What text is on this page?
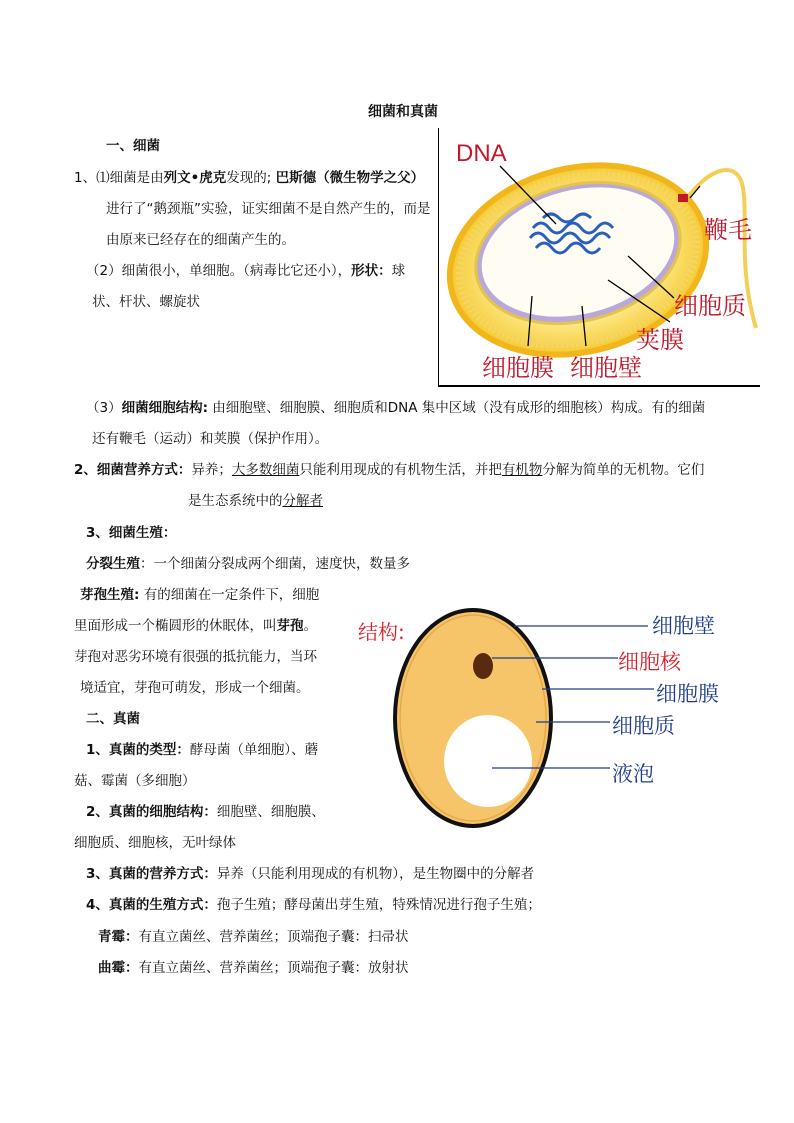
细菌和真菌
一、细菌
1、⑴细菌是由列文•虎克发现的; 巴斯德（微生物学之父）
进行了“鹅颈瓶”实验，证实细菌不是自然产生的，而是
由原来已经存在的细菌产生的。
（2）细菌很小，单细胞。（病毒比它还小），形状：球
状、杆状、螺旋状
DNA
鞭毛
细胞质
荚膜
细胞膜 细胞壁
（3）细菌细胞结构: 由细胞壁、细胞膜、细胞质和DNA 集中区域（没有成形的细胞核）构成。有的细菌
还有鞭毛（运动）和荚膜（保护作用）。
2、细菌营养方式：异养；大多数细菌只能利用现成的有机物生活，并把有机物分解为简单的无机物。它们
是生态系统中的分解者
3、细菌生殖：
分裂生殖：一个细菌分裂成两个细菌，速度快，数量多
芽孢生殖: 有的细菌在一定条件下，细胞
里面形成一个椭圆形的休眠体，叫芽孢。
芽孢对恶劣环境有很强的抵抗能力，当环
境适宜，芽孢可萌发，形成一个细菌。
结构:	细胞壁
细胞核
细胞膜
细胞质
液泡
二、真菌
1、真菌的类型：酵母菌（单细胞）、蘑
菇、霉菌（多细胞）
2、真菌的细胞结构：细胞壁、细胞膜、
细胞质、细胞核，无叶绿体
3、真菌的营养方式：异养（只能利用现成的有机物），是生物圈中的分解者
4、真菌的生殖方式：孢子生殖；酵母菌出芽生殖，特殊情况进行孢子生殖；
青霉：有直立菌丝、营养菌丝；顶端孢子囊：扫帚状
曲霉：有直立菌丝、营养菌丝；顶端孢子囊：放射状
